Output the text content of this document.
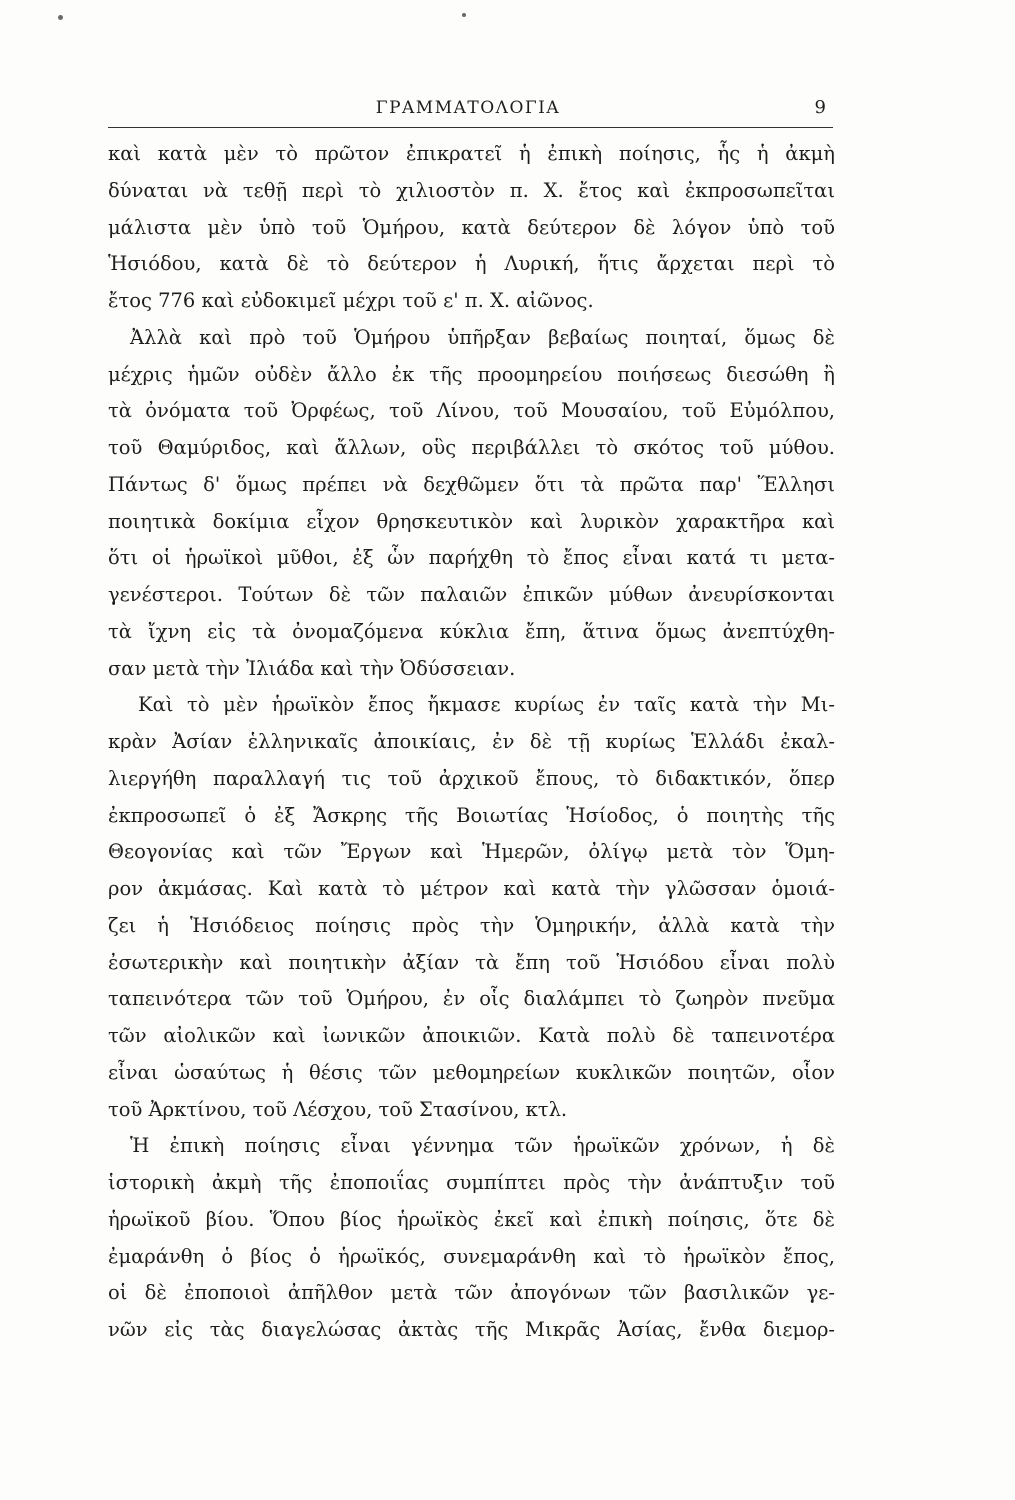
ΓΡΑΜΜΑΤΟΛΟΓΙΑ	9
καὶ κατὰ μὲν τὸ πρῶτον ἐπικρατεῖ ἡ ἐπικὴ ποίησις, ἧς ἡ ἀκμὴ
δύναται νὰ τεθῇ περὶ τὸ χιλιοστὸν π. Χ. ἔτος καὶ ἐκπροσωπεῖται
μάλιστα μὲν ὑπὸ τοῦ Ὁμήρου, κατὰ δεύτερον δὲ λόγον ὑπὸ τοῦ
Ἡσιόδου, κατὰ δὲ τὸ δεύτερον ἡ Λυρική, ἥτις ἄρχεται περὶ τὸ
ἔτος 776 καὶ εὐδοκιμεῖ μέχρι τοῦ ε' π. Χ. αἰῶνος.
Ἀλλὰ καὶ πρὸ τοῦ Ὁμήρου ὑπῆρξαν βεβαίως ποιηταί, ὅμως δὲ
μέχρις ἡμῶν οὐδὲν ἄλλο ἐκ τῆς προομηρείου ποιήσεως διεσώθη ἢ
τὰ ὀνόματα τοῦ Ὀρφέως, τοῦ Λίνου, τοῦ Μουσαίου, τοῦ Εὐμόλπου,
τοῦ Θαμύριδος, καὶ ἄλλων, οὓς περιβάλλει τὸ σκότος τοῦ μύθου.
Πάντως δ' ὅμως πρέπει νὰ δεχθῶμεν ὅτι τὰ πρῶτα παρ' Ἕλλησι
ποιητικὰ δοκίμια εἶχον θρησκευτικὸν καὶ λυρικὸν χαρακτῆρα καὶ
ὅτι οἱ ἡρωϊκοὶ μῦθοι, ἐξ ὧν παρήχθη τὸ ἔπος εἶναι κατά τι μετα-
γενέστεροι. Τούτων δὲ τῶν παλαιῶν ἐπικῶν μύθων ἀνευρίσκονται
τὰ ἴχνη εἰς τὰ ὀνομαζόμενα κύκλια ἔπη, ἅτινα ὅμως ἀνεπτύχθη-
σαν μετὰ τὴν Ἰλιάδα καὶ τὴν Ὀδύσσειαν.
Καὶ τὸ μὲν ἡρωϊκὸν ἔπος ἤκμασε κυρίως ἐν ταῖς κατὰ τὴν Μι-
κρὰν Ἀσίαν ἑλληνικαῖς ἀποικίαις, ἐν δὲ τῇ κυρίως Ἑλλάδι ἐκαλ-
λιεργήθη παραλλαγή τις τοῦ ἀρχικοῦ ἔπους, τὸ διδακτικόν, ὅπερ
ἐκπροσωπεῖ ὁ ἐξ Ἄσκρης τῆς Βοιωτίας Ἡσίοδος, ὁ ποιητὴς τῆς
Θεογονίας καὶ τῶν Ἔργων καὶ Ἡμερῶν, ὀλίγῳ μετὰ τὸν Ὅμη-
ρον ἀκμάσας. Καὶ κατὰ τὸ μέτρον καὶ κατὰ τὴν γλῶσσαν ὁμοιά-
ζει ἡ Ἡσιόδειος ποίησις πρὸς τὴν Ὁμηρικήν, ἀλλὰ κατὰ τὴν
ἐσωτερικὴν καὶ ποιητικὴν ἀξίαν τὰ ἔπη τοῦ Ἡσιόδου εἶναι πολὺ
ταπεινότερα τῶν τοῦ Ὁμήρου, ἐν οἷς διαλάμπει τὸ ζωηρὸν πνεῦμα
τῶν αἰολικῶν καὶ ἰωνικῶν ἀποικιῶν. Κατὰ πολὺ δὲ ταπεινοτέρα
εἶναι ὡσαύτως ἡ θέσις τῶν μεθομηρείων κυκλικῶν ποιητῶν, οἷον
τοῦ Ἀρκτίνου, τοῦ Λέσχου, τοῦ Στασίνου, κτλ.
Ἡ ἐπικὴ ποίησις εἶναι γέννημα τῶν ἡρωϊκῶν χρόνων, ἡ δὲ
ἱστορικὴ ἀκμὴ τῆς ἐποποιΐας συμπίπτει πρὸς τὴν ἀνάπτυξιν τοῦ
ἡρωϊκοῦ βίου. Ὅπου βίος ἡρωϊκὸς ἐκεῖ καὶ ἐπικὴ ποίησις, ὅτε δὲ
ἐμαράνθη ὁ βίος ὁ ἡρωϊκός, συνεμαράνθη καὶ τὸ ἡρωϊκὸν ἔπος,
οἱ δὲ ἐποποιοὶ ἀπῆλθον μετὰ τῶν ἀπογόνων τῶν βασιλικῶν γε-
νῶν εἰς τὰς διαγελώσας ἀκτὰς τῆς Μικρᾶς Ἀσίας, ἔνθα διεμορ-
